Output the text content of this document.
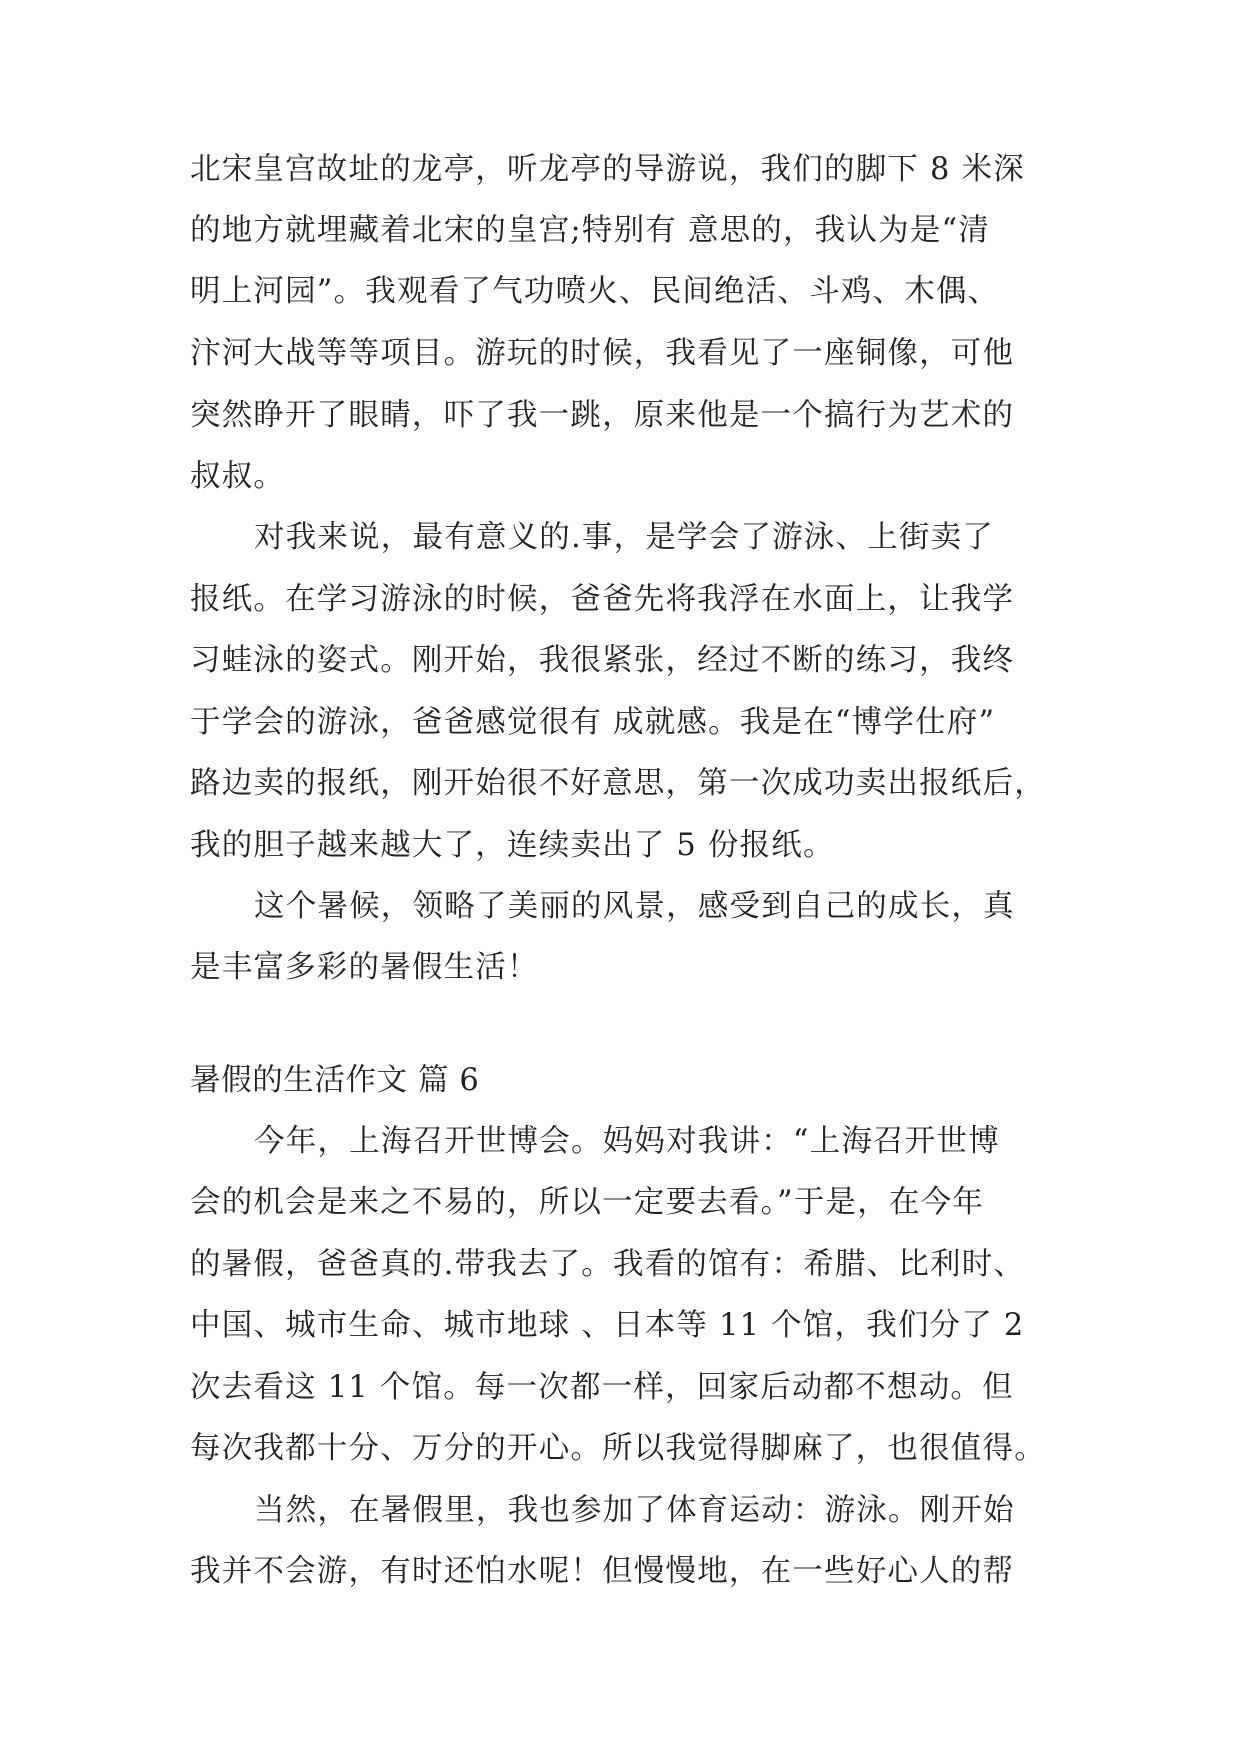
北宋皇宫故址的龙亭，听龙亭的导游说，我们的脚下 8 米深
的地方就埋藏着北宋的皇宫;特别有 意思的，我认为是“清
明上河园”。我观看了气功喷火、民间绝活、斗鸡、木偶、
汴河大战等等项目。游玩的时候，我看见了一座铜像，可他
突然睁开了眼睛，吓了我一跳，原来他是一个搞行为艺术的
叔叔。
对我来说，最有意义的.事，是学会了游泳、上街卖了
报纸。在学习游泳的时候，爸爸先将我浮在水面上，让我学
习蛙泳的姿式。刚开始，我很紧张，经过不断的练习，我终
于学会的游泳，爸爸感觉很有 成就感。我是在“博学仕府”
路边卖的报纸，刚开始很不好意思，第一次成功卖出报纸后，
我的胆子越来越大了，连续卖出了 5 份报纸。
这个暑候，领略了美丽的风景，感受到自己的成长，真
是丰富多彩的暑假生活！
暑假的生活作文 篇 6
今年，上海召开世博会。妈妈对我讲：“上海召开世博
会的机会是来之不易的，所以一定要去看。”于是，在今年
的暑假，爸爸真的.带我去了。我看的馆有：希腊、比利时、
中国、城市生命、城市地球 、日本等 11 个馆，我们分了 2
次去看这 11 个馆。每一次都一样，回家后动都不想动。但
每次我都十分、万分的开心。所以我觉得脚麻了，也很值得。
当然，在暑假里，我也参加了体育运动：游泳。刚开始
我并不会游，有时还怕水呢！但慢慢地，在一些好心人的帮
